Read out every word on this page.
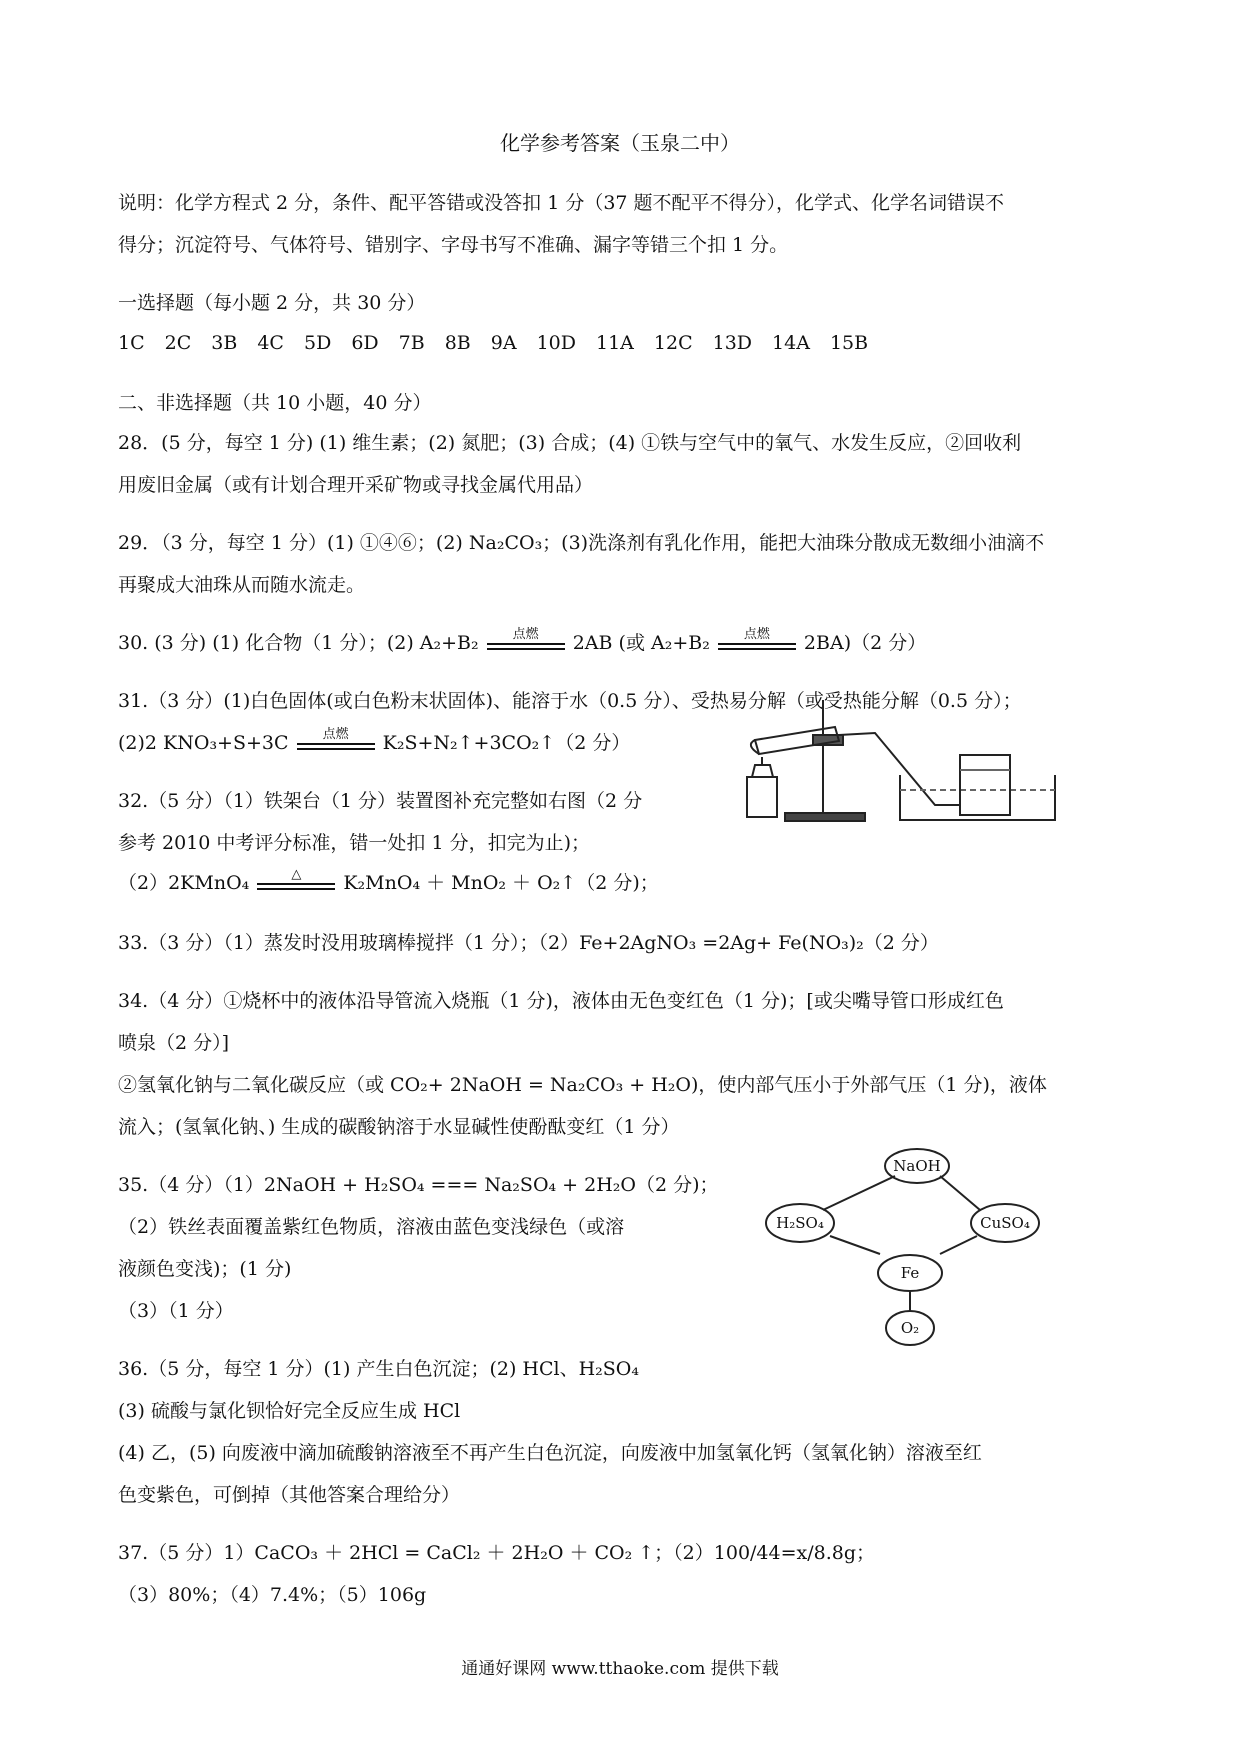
化学参考答案（玉泉二中）
说明：化学方程式 2 分，条件、配平答错或没答扣 1 分（37 题不配平不得分），化学式、化学名词错误不
得分；沉淀符号、气体符号、错别字、字母书写不准确、漏字等错三个扣 1 分。
一选择题（每小题 2 分，共 30 分）
1C 2C 3B 4C 5D 6D 7B 8B 9A 10D 11A 12C 13D 14A 15B
二、非选择题（共 10 小题，40 分）
28．(5 分，每空 1 分) (1) 维生素；(2) 氮肥；(3) 合成；(4) ①铁与空气中的氧气、水发生反应，②回收利
用废旧金属（或有计划合理开采矿物或寻找金属代用品）
29．（3 分，每空 1 分）(1) ①④⑥；(2) Na₂CO₃；(3)洗涤剂有乳化作用，能把大油珠分散成无数细小油滴不
再聚成大油珠从而随水流走。
30. (3 分) (1) 化合物（1 分）；(2) A₂+B₂	点燃	2AB (或 A₂+B₂	点燃	2BA)（2 分）
31.（3 分）(1)白色固体(或白色粉末状固体)、能溶于水（0.5 分）、受热易分解（或受热能分解（0.5 分）；
(2)2 KNO₃+S+3C	点燃	K₂S+N₂↑+3CO₂↑（2 分）
32.（5 分）（1）铁架台（1 分）装置图补充完整如右图（2 分
参考 2010 中考评分标准，错一处扣 1 分，扣完为止)；
（2）2KMnO₄	△	K₂MnO₄ ＋ MnO₂ ＋ O₂↑（2 分)；
33.（3 分）（1）蒸发时没用玻璃棒搅拌（1 分）；（2）Fe+2AgNO₃ =2Ag+ Fe(NO₃)₂（2 分）
34.（4 分）①烧杯中的液体沿导管流入烧瓶（1 分)，液体由无色变红色（1 分)；[或尖嘴导管口形成红色
喷泉（2 分）]
②氢氧化钠与二氧化碳反应（或 CO₂+ 2NaOH = Na₂CO₃ + H₂O)，使内部气压小于外部气压（1 分)，液体
流入；(氢氧化钠、) 生成的碳酸钠溶于水显碱性使酚酞变红（1 分）
35.（4 分）（1）2NaOH + H₂SO₄ === Na₂SO₄ + 2H₂O（2 分)；
（2）铁丝表面覆盖紫红色物质，溶液由蓝色变浅绿色（或溶
液颜色变浅)；(1 分)
（3）（1 分）
NaOH
H₂SO₄	CuSO₄
Fe
O₂
36.（5 分，每空 1 分）(1) 产生白色沉淀；(2) HCl、H₂SO₄
(3) 硫酸与氯化钡恰好完全反应生成 HCl
(4) 乙，(5) 向废液中滴加硫酸钠溶液至不再产生白色沉淀，向废液中加氢氧化钙（氢氧化钠）溶液至红
色变紫色，可倒掉（其他答案合理给分）
37.（5 分）1）CaCO₃ ＋ 2HCl = CaCl₂ ＋ 2H₂O ＋ CO₂ ↑；（2）100/44=x/8.8g；
（3）80%；（4）7.4%；（5）106g
通通好课网 www.tthaoke.com 提供下载
